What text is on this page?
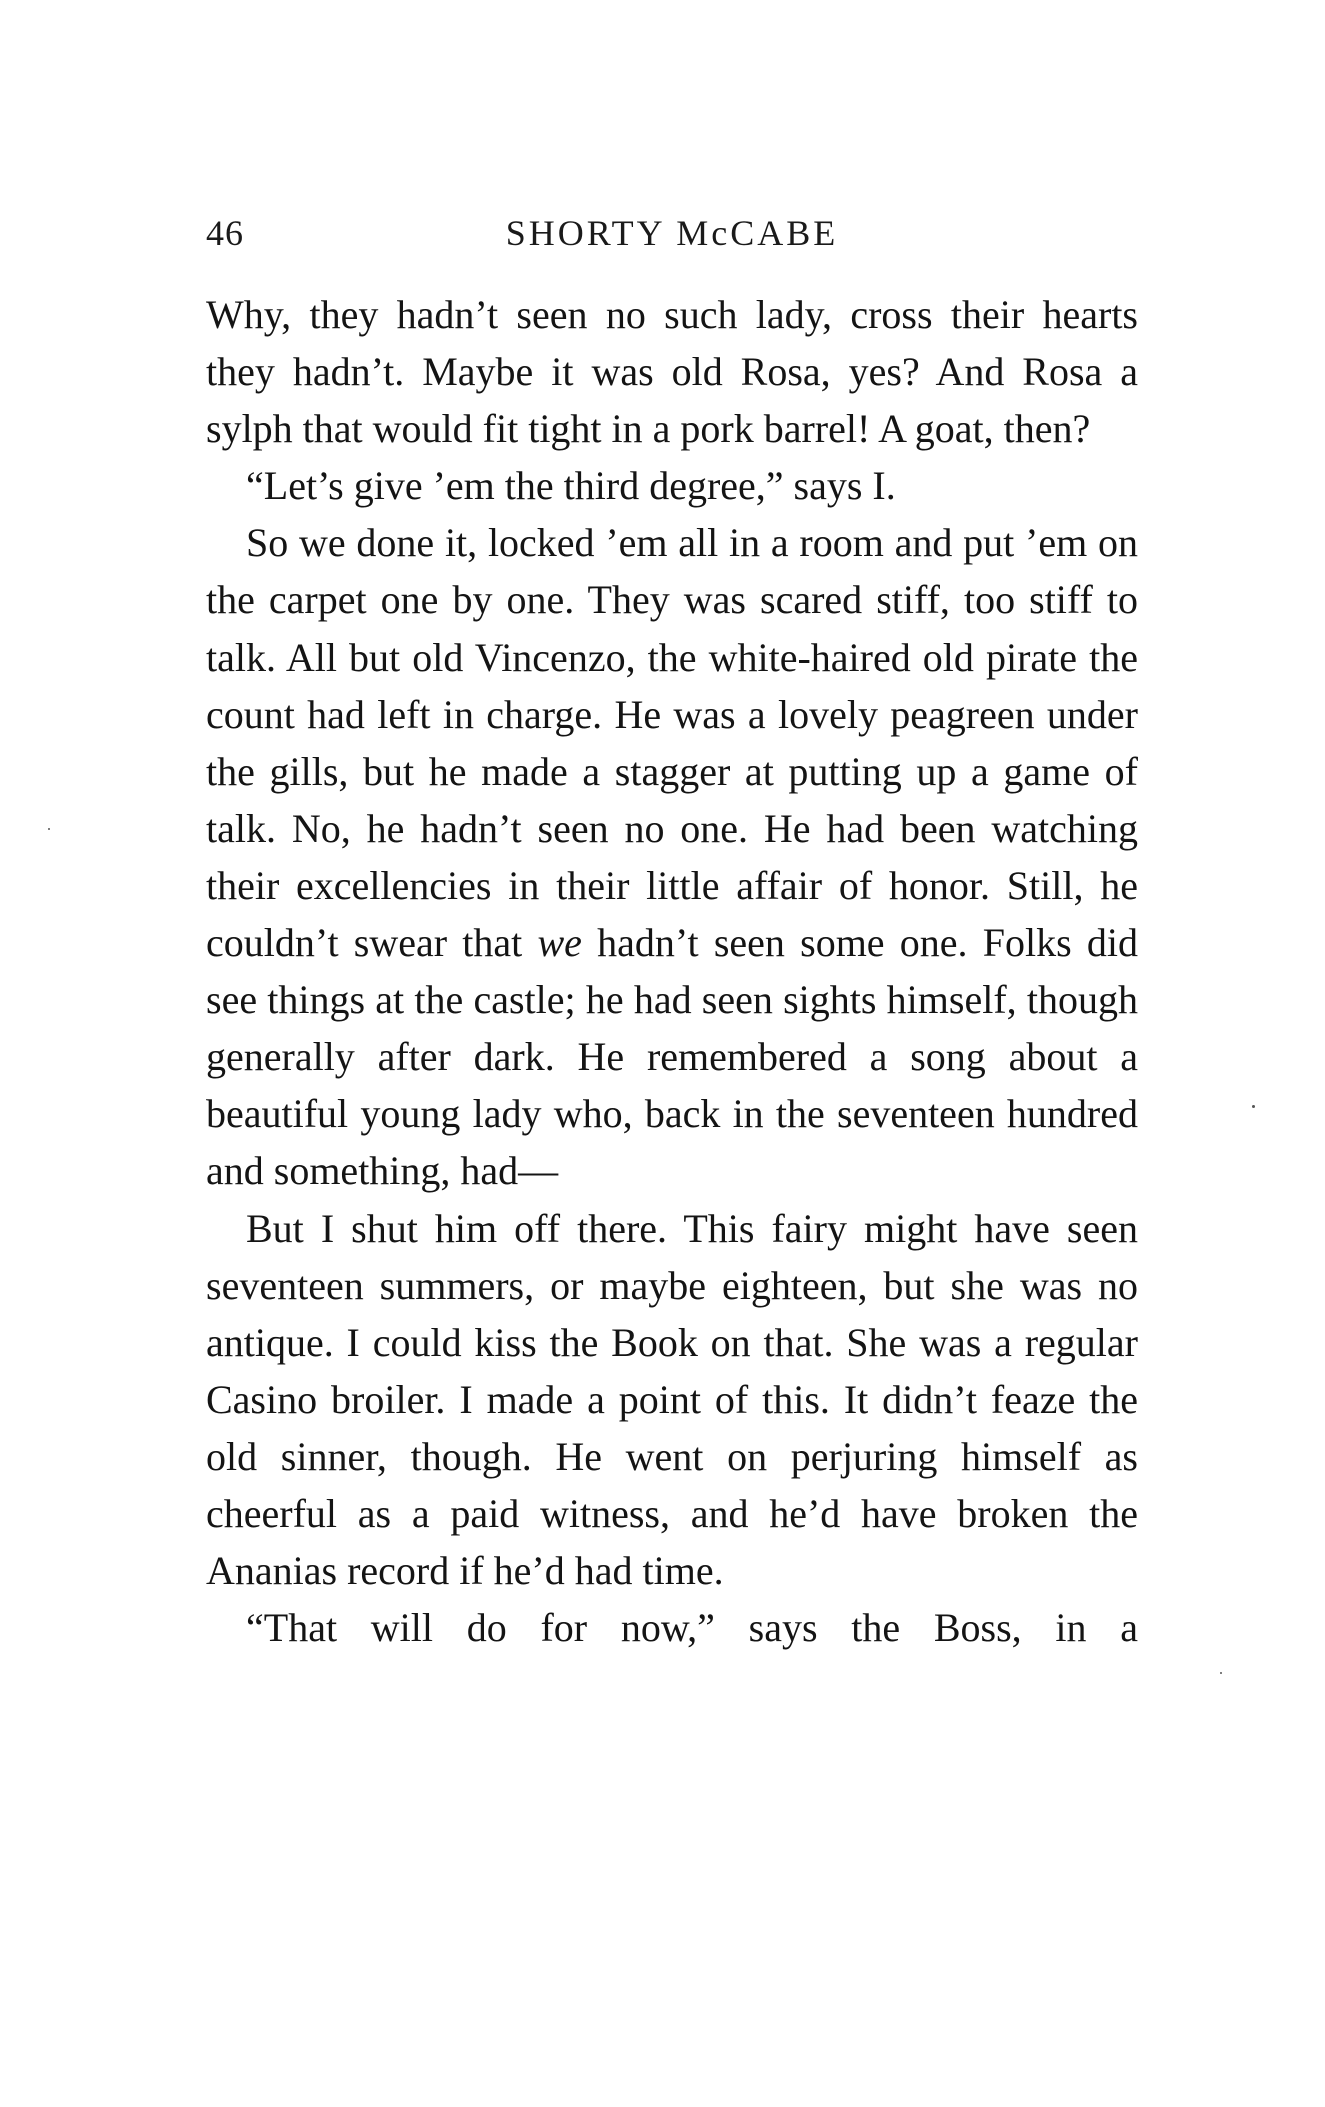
46	SHORTY McCABE

Why, they hadn’t seen no such lady, cross their hearts they hadn’t. Maybe it was old Rosa, yes? And Rosa a sylph that would fit tight in a pork barrel! A goat, then?

“Let’s give ’em the third degree,” says I.

So we done it, locked ’em all in a room and put ’em on the carpet one by one. They was scared stiff, too stiff to talk. All but old Vincenzo, the white-haired old pirate the count had left in charge. He was a lovely peagreen under the gills, but he made a stagger at putting up a game of talk. No, he hadn’t seen no one. He had been watching their excellencies in their little affair of honor. Still, he couldn’t swear that we hadn’t seen some one. Folks did see things at the castle; he had seen sights himself, though generally after dark. He remembered a song about a beautiful young lady who, back in the seventeen hundred and something, had—

But I shut him off there. This fairy might have seen seventeen summers, or maybe eighteen, but she was no antique. I could kiss the Book on that. She was a regular Casino broiler. I made a point of this. It didn’t feaze the old sinner, though. He went on perjuring himself as cheerful as a paid witness, and he’d have broken the Ananias record if he’d had time.

“That will do for now,” says the Boss, in a
